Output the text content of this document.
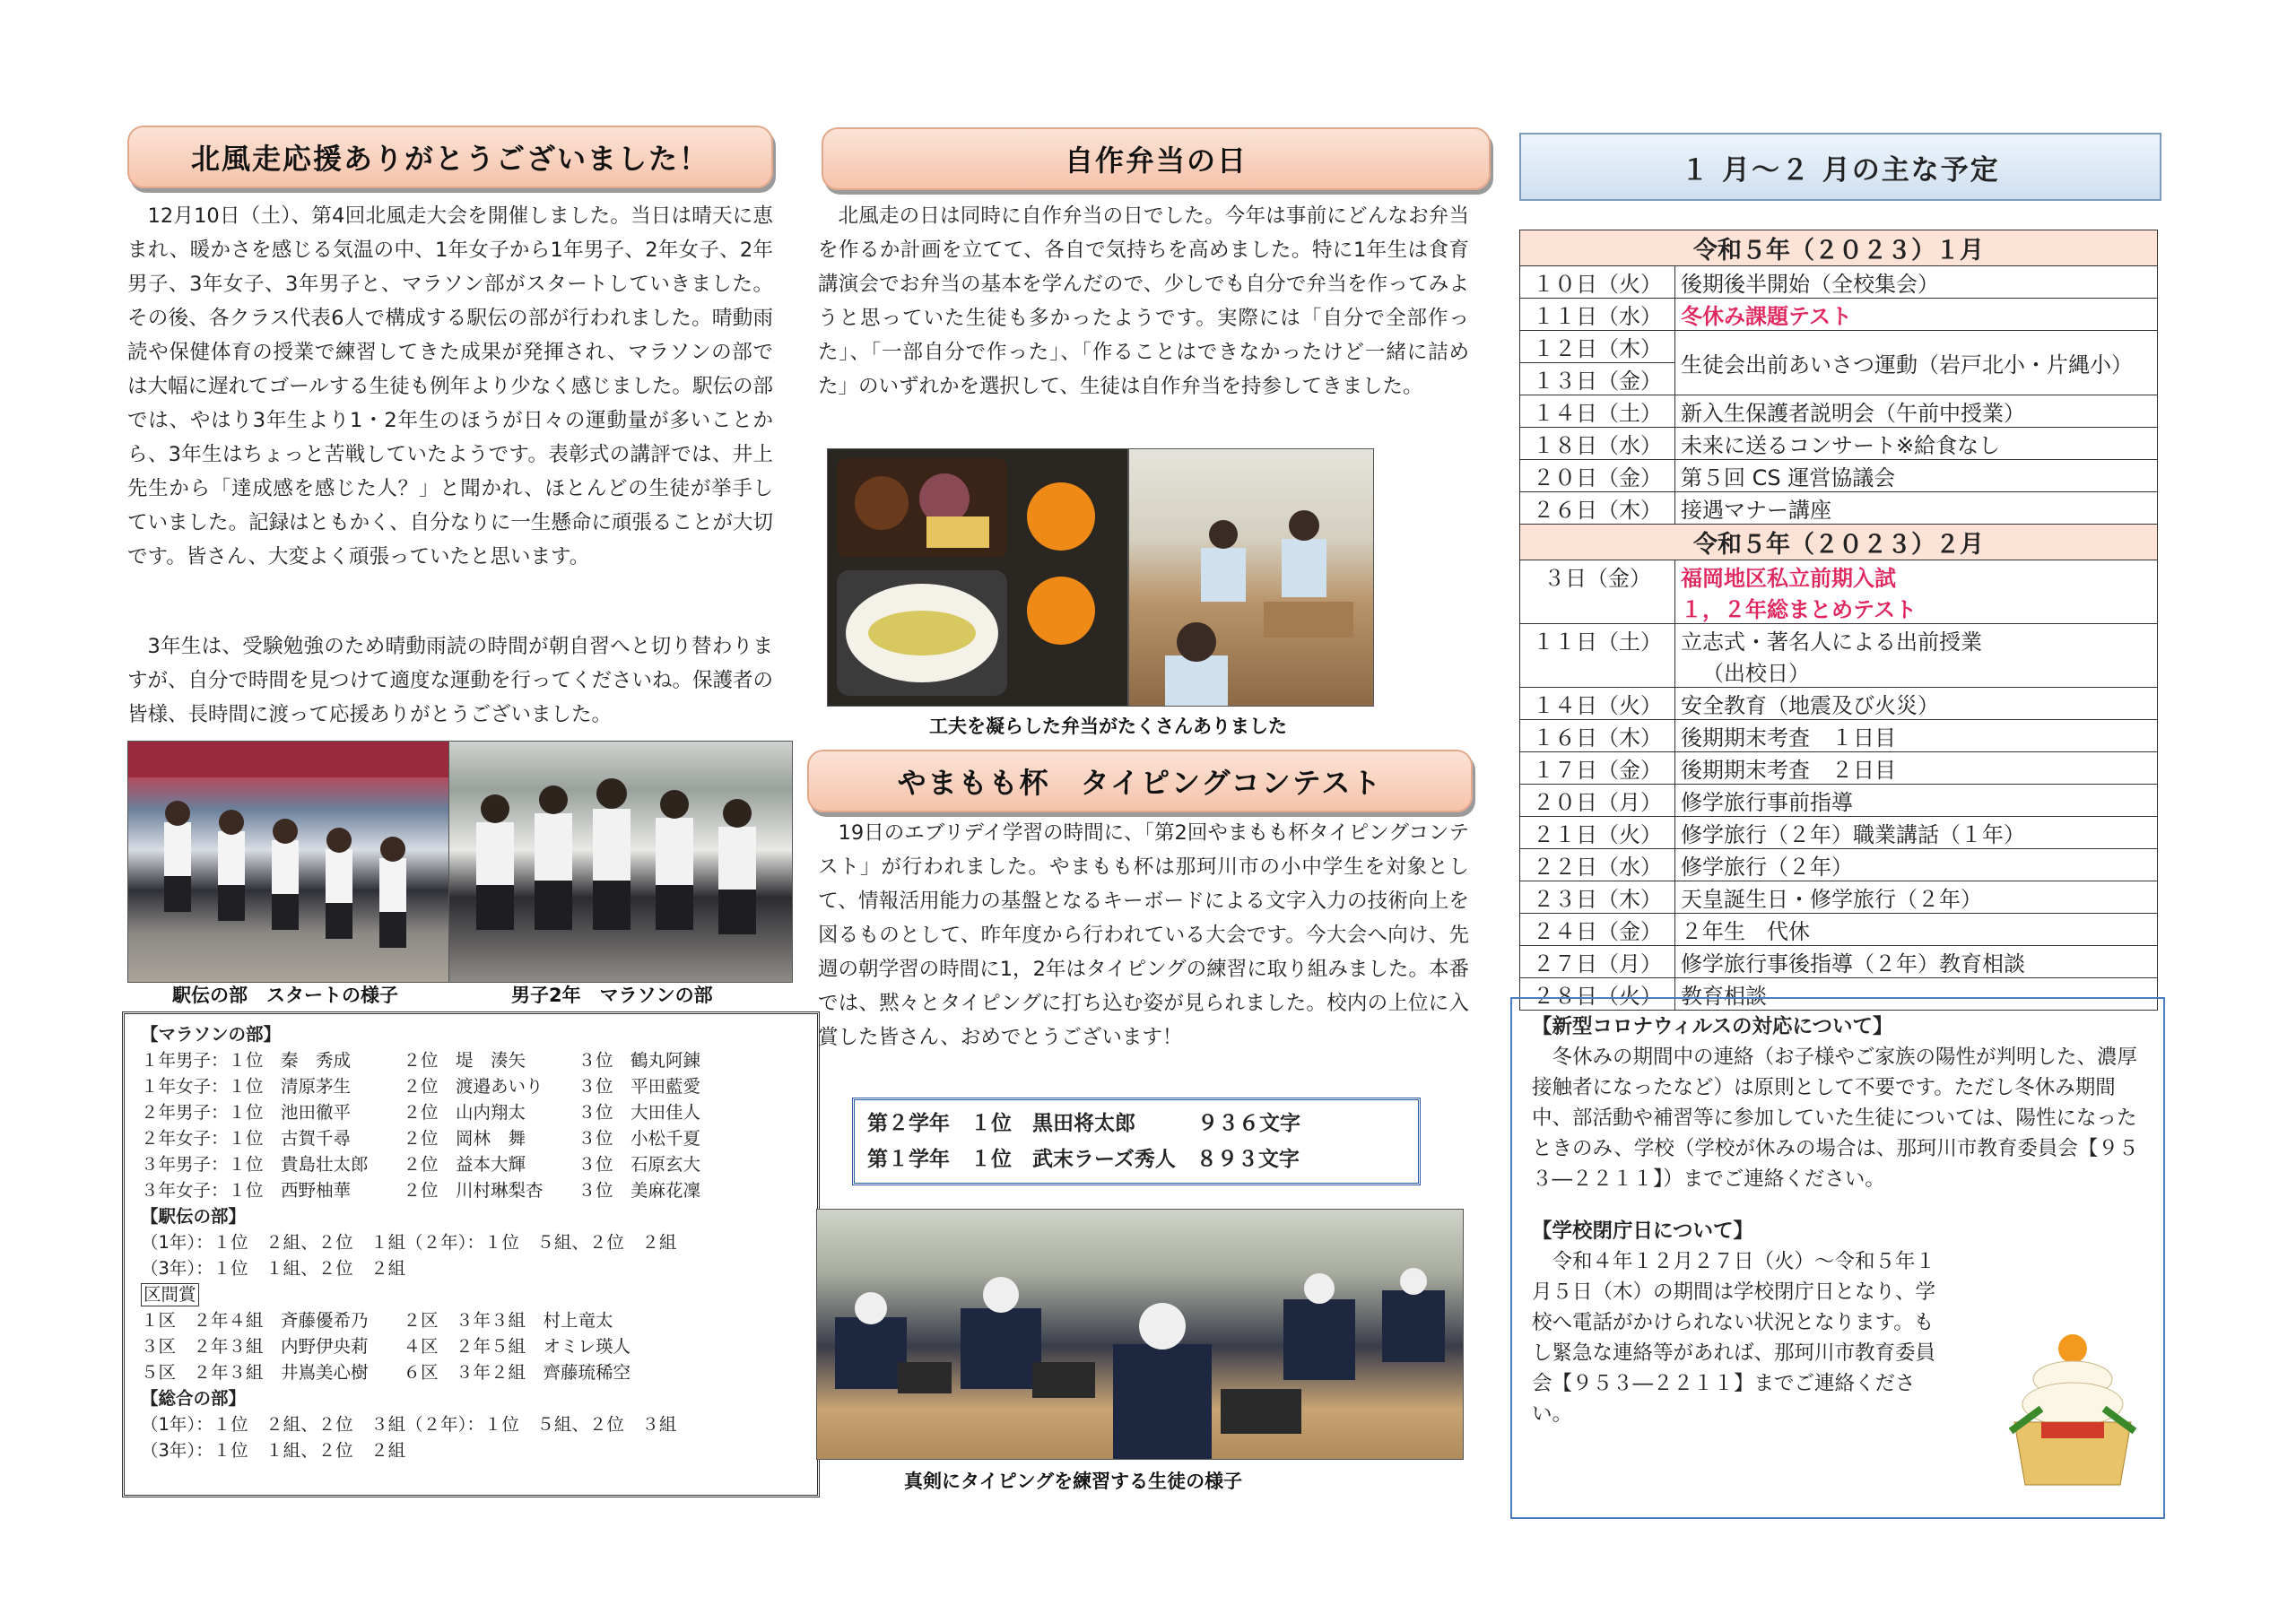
北風走応援ありがとうございました！

12月10日（土）、第4回北風走大会を開催しました。当日は晴天に恵まれ、暖かさを感じる気温の中、1年女子から1年男子、2年女子、2年男子、3年女子、3年男子と、マラソン部がスタートしていきました。その後、各クラス代表6人で構成する駅伝の部が行われました。晴動雨読や保健体育の授業で練習してきた成果が発揮され、マラソンの部では大幅に遅れてゴールする生徒も例年より少なく感じました。駅伝の部では、やはり3年生より1・2年生のほうが日々の運動量が多いことから、3年生はちょっと苦戦していたようです。表彰式の講評では、井上先生から「達成感を感じた人？」と聞かれ、ほとんどの生徒が挙手していました。記録はともかく、自分なりに一生懸命に頑張ることが大切です。皆さん、大変よく頑張っていたと思います。

3年生は、受験勉強のため晴動雨読の時間が朝自習へと切り替わりますが、自分で時間を見つけて適度な運動を行ってくださいね。保護者の皆様、長時間に渡って応援ありがとうございました。

駅伝の部　スタートの様子	男子2年　マラソンの部
【マラソンの部】
１年男子：１位　秦　秀成　　　２位　堤　湊矢　　　３位　鶴丸阿錬
１年女子：１位　清原茅生　　　２位　渡邉あいり　　３位　平田藍愛
２年男子：１位　池田徹平　　　２位　山内翔太　　　３位　大田佳人
２年女子：１位　古賀千尋　　　２位　岡林　舞　　　３位　小松千夏
３年男子：１位　貴島壮太郎　　２位　益本大輝　　　３位　石原玄大
３年女子：１位　西野柚華　　　２位　川村琳梨杏　　３位　美麻花凜
【駅伝の部】
（1年）：１位　２組、２位　１組（２年）：１位　５組、２位　２組
（3年）：１位　１組、２位　２組
区間賞
１区　２年４組　斉藤優希乃　　２区　３年３組　村上竜太
３区　２年３組　内野伊央莉　　４区　２年５組　オミレ瑛人
５区　２年３組　井嶌美心樹　　６区　３年２組　齊藤琉稀空
【総合の部】
（1年）：１位　２組、２位　３組（２年）：１位　５組、２位　３組
（3年）：１位　１組、２位　２組
自作弁当の日

北風走の日は同時に自作弁当の日でした。今年は事前にどんなお弁当を作るか計画を立てて、各自で気持ちを高めました。特に1年生は食育講演会でお弁当の基本を学んだので、少しでも自分で弁当を作ってみようと思っていた生徒も多かったようです。実際には「自分で全部作った」、「一部自分で作った」、「作ることはできなかったけど一緒に詰めた」のいずれかを選択して、生徒は自作弁当を持参してきました。

工夫を凝らした弁当がたくさんありました
やまもも杯　タイピングコンテスト

19日のエブリデイ学習の時間に、「第2回やまもも杯タイピングコンテスト」が行われました。やまもも杯は那珂川市の小中学生を対象として、情報活用能力の基盤となるキーボードによる文字入力の技術向上を図るものとして、昨年度から行われている大会です。今大会へ向け、先週の朝学習の時間に1，2年はタイピングの練習に取り組みました。本番では、黙々とタイピングに打ち込む姿が見られました。校内の上位に入賞した皆さん、おめでとうございます！

第２学年　１位　黒田将太郎　　　９３６文字
第１学年　１位　武末ラーズ秀人　８９３文字
真剣にタイピングを練習する生徒の様子
１ 月～２ 月の主な予定
令和５年（２０２３）１月	
１０日（火）	後期後半開始（全校集会）
１１日（水）	冬休み課題テスト
１２日（木）	生徒会出前あいさつ運動（岩戸北小・片縄小）
１３日（金）	
１４日（土）	新入生保護者説明会（午前中授業）
１８日（水）	未来に送るコンサート※給食なし
２０日（金）	第５回 CS 運営協議会
２６日（木）	接遇マナー講座
令和５年（２０２３）２月	
３日（金）	福岡地区私立前期入試
１，２年総まとめテスト

１１日（土）	立志式・著名人による出前授業
（出校日）

１４日（火）	安全教育（地震及び火災）
１６日（木）	後期期末考査　１日目
１７日（金）	後期期末考査　２日目
２０日（月）	修学旅行事前指導
２１日（火）	修学旅行（２年）職業講話（１年）
２２日（水）	修学旅行（２年）
２３日（木）	天皇誕生日・修学旅行（２年）
２４日（金）	２年生　代休
２７日（月）	修学旅行事後指導（２年）教育相談
２８日（火）	教育相談
【新型コロナウィルスの対応について】

冬休みの期間中の連絡（お子様やご家族の陽性が判明した、濃厚接触者になったなど）は原則として不要です。ただし冬休み期間中、部活動や補習等に参加していた生徒については、陽性になったときのみ、学校（学校が休みの場合は、那珂川市教育委員会【９５３―２２１１】）までご連絡ください。

【学校閉庁日について】

令和４年１２月２７日（火）～令和５年１月５日（木）の期間は学校閉庁日となり、学校へ電話がかけられない状況となります。もし緊急な連絡等があれば、那珂川市教育委員会【９５３―２２１１】までご連絡ください。
